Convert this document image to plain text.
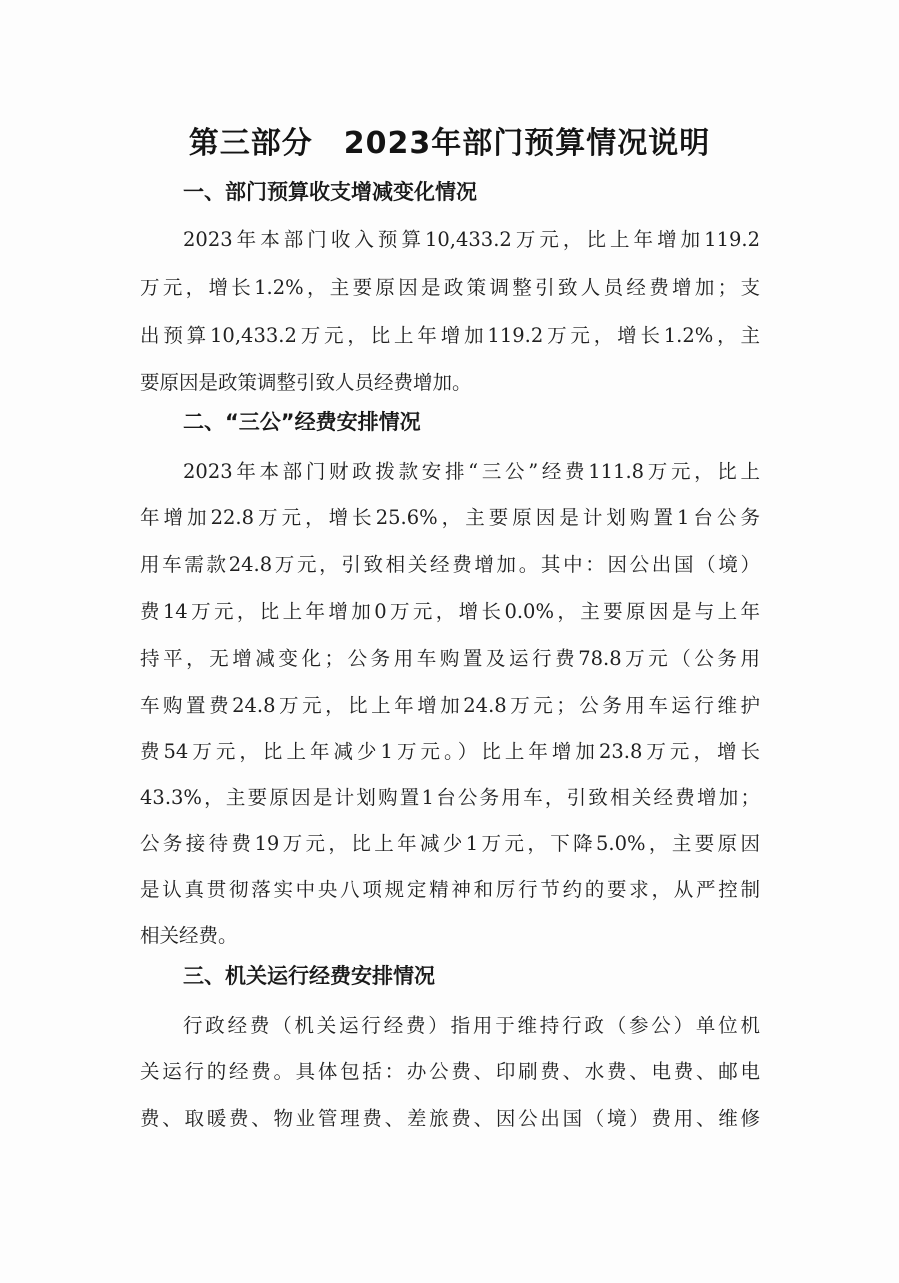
第三部分　2023年部门预算情况说明
一、部门预算收支增减变化情况
2023年本部门收入预算10,433.2万元，比上年增加119.2
万元，增长1.2%，主要原因是政策调整引致人员经费增加；支
出预算10,433.2万元，比上年增加119.2万元，增长1.2%，主
要原因是政策调整引致人员经费增加。
二、“三公”经费安排情况
2023年本部门财政拨款安排“三公”经费111.8万元，比上
年增加22.8万元，增长25.6%，主要原因是计划购置1台公务
用车需款24.8万元，引致相关经费增加。其中：因公出国（境）
费14万元，比上年增加0万元，增长0.0%，主要原因是与上年
持平，无增减变化；公务用车购置及运行费78.8万元（公务用
车购置费24.8万元，比上年增加24.8万元；公务用车运行维护
费54万元，比上年减少1万元。）比上年增加23.8万元，增长
43.3%，主要原因是计划购置1台公务用车，引致相关经费增加；
公务接待费19万元，比上年减少1万元，下降5.0%，主要原因
是认真贯彻落实中央八项规定精神和厉行节约的要求，从严控制
相关经费。
三、机关运行经费安排情况
行政经费（机关运行经费）指用于维持行政（参公）单位机
关运行的经费。具体包括：办公费、印刷费、水费、电费、邮电
费、取暖费、物业管理费、差旅费、因公出国（境）费用、维修
